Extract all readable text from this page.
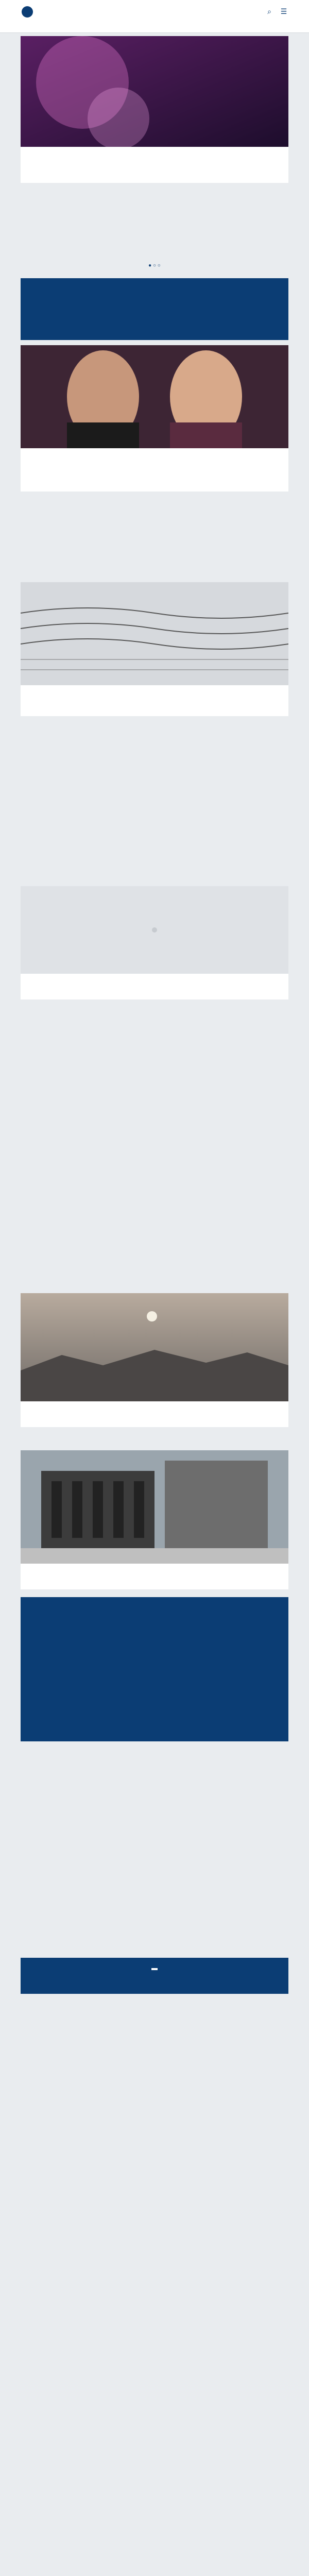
⌕	☰
● ○ ○
